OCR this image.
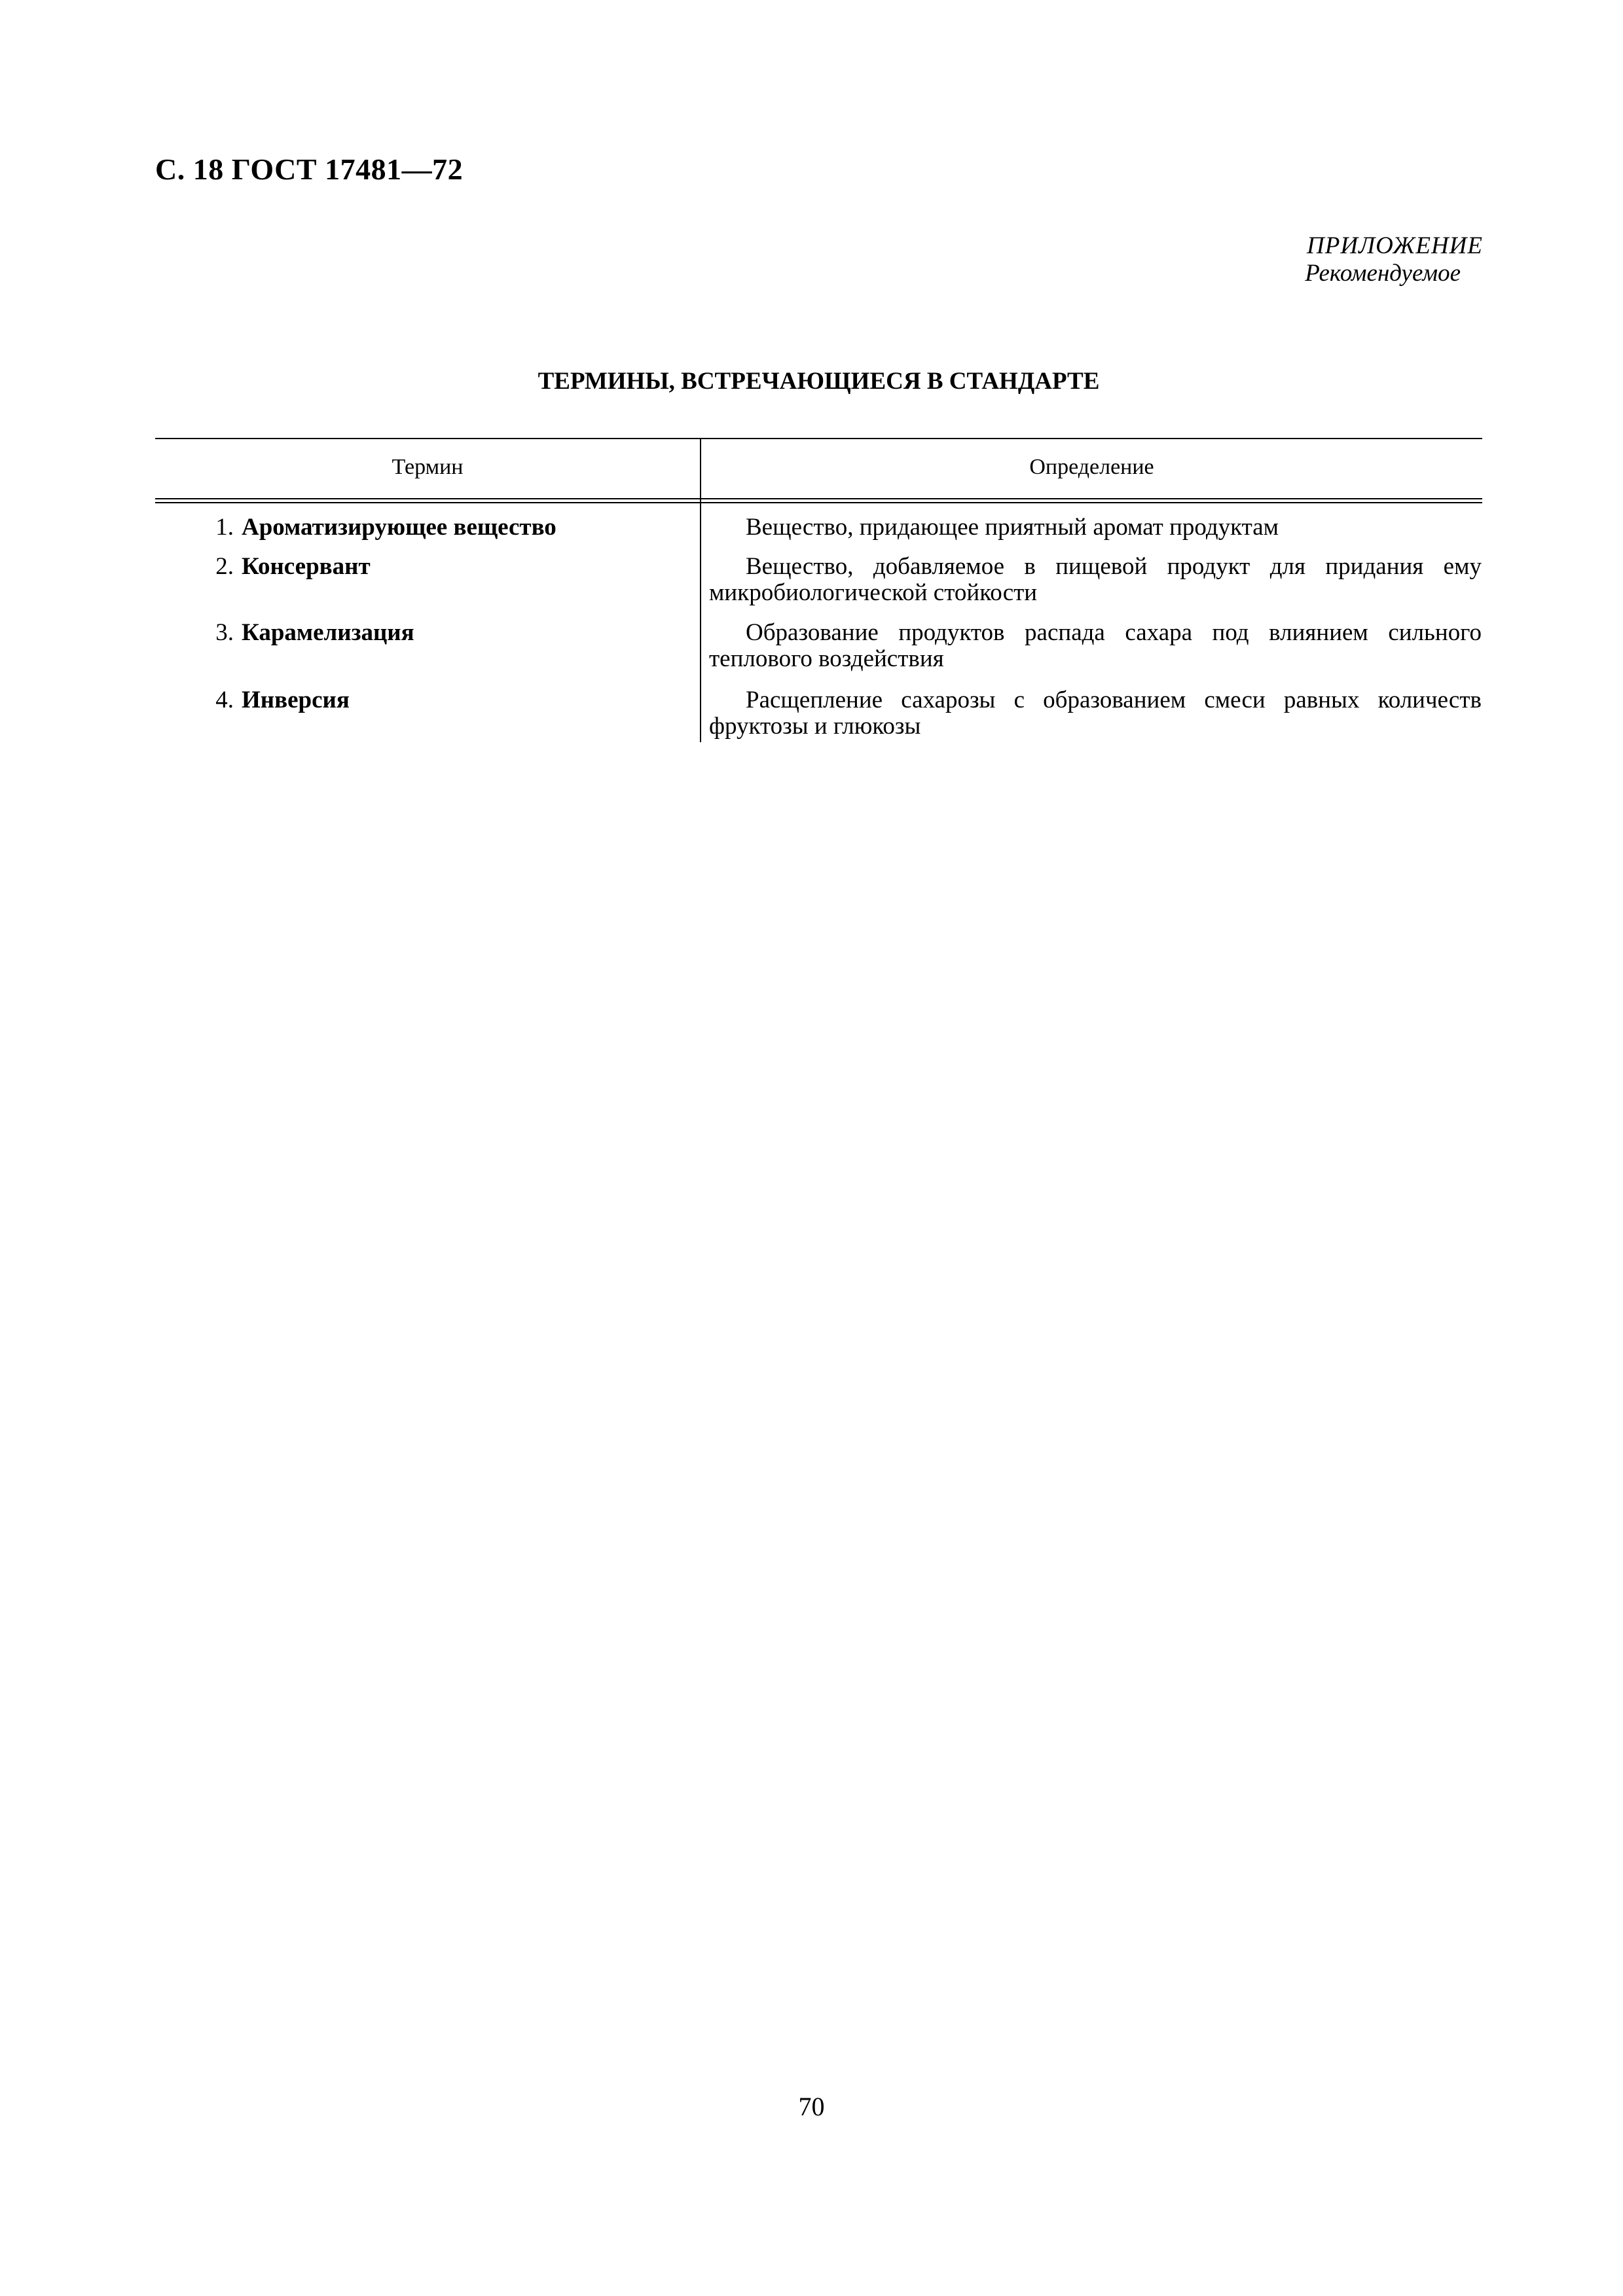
С. 18 ГОСТ 17481—72
ПРИЛОЖЕНИЕ
Рекомендуемое
ТЕРМИНЫ, ВСТРЕЧАЮЩИЕСЯ В СТАНДАРТЕ
Термин	Определение
1. Ароматизирующее вещество	Вещество, придающее приятный аромат продуктам
2. Консервант	Вещество, добавляемое в пищевой продукт для придания ему микробиологической стойкости
3. Карамелизация	Образование продуктов распада сахара под влиянием сильного теплового воздействия
4. Инверсия	Расщепление сахарозы с образованием смеси равных количеств фруктозы и глюкозы
70
